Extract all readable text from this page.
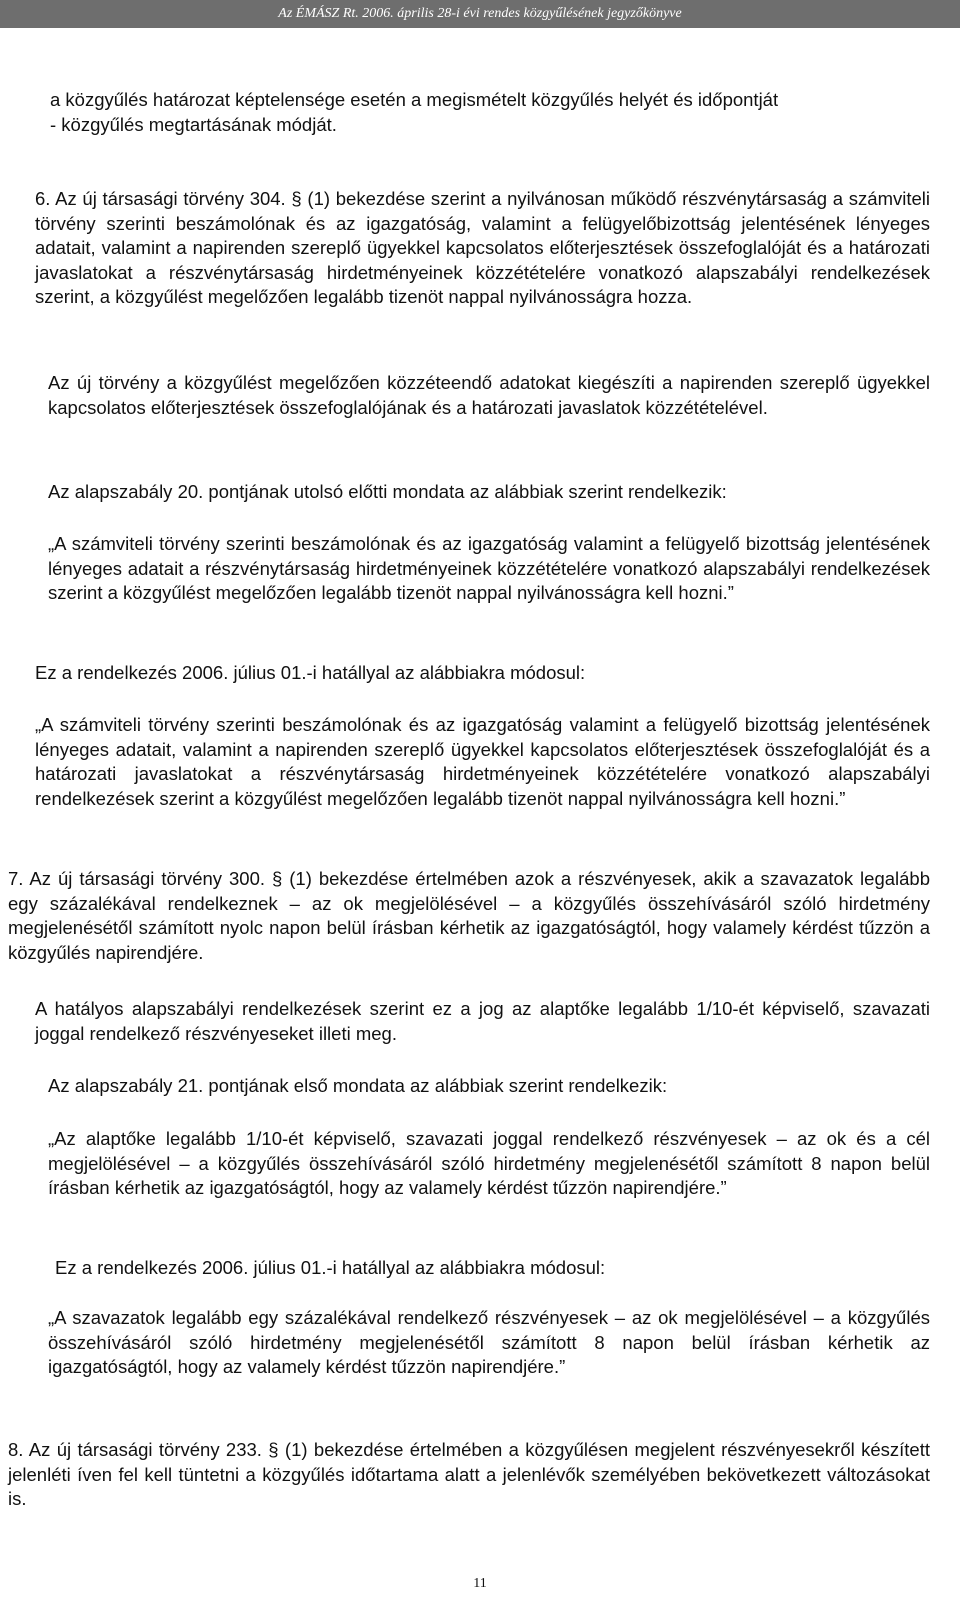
Az ÉMÁSZ Rt. 2006. április 28-i évi rendes közgyűlésének jegyzőkönyve
a közgyűlés határozat képtelensége esetén a megismételt közgyűlés helyét és időpontját
- közgyűlés megtartásának módját.

6. Az új társasági törvény 304. § (1) bekezdése szerint a nyilvánosan működő részvénytársaság a számviteli törvény szerinti beszámolónak és az igazgatóság, valamint a felügyelőbizottság jelentésének lényeges adatait, valamint a napirenden szereplő ügyekkel kapcsolatos előterjesztések összefoglalóját és a határozati javaslatokat a részvénytársaság hirdetményeinek közzétételére vonatkozó alapszabályi rendelkezések szerint, a közgyűlést megelőzően legalább tizenöt nappal nyilvánosságra hozza.

Az új törvény a közgyűlést megelőzően közzéteendő adatokat kiegészíti a napirenden szereplő ügyekkel kapcsolatos előterjesztések összefoglalójának és a határozati javaslatok közzétételével.

Az alapszabály 20. pontjának utolsó előtti mondata az alábbiak szerint rendelkezik:

„A számviteli törvény szerinti beszámolónak és az igazgatóság valamint a felügyelő bizottság jelentésének lényeges adatait a részvénytársaság hirdetményeinek közzétételére vonatkozó alapszabályi rendelkezések szerint a közgyűlést megelőzően legalább tizenöt nappal nyilvánosságra kell hozni.”

Ez a rendelkezés 2006. július 01.-i hatállyal az alábbiakra módosul:

„A számviteli törvény szerinti beszámolónak és az igazgatóság valamint a felügyelő bizottság jelentésének lényeges adatait, valamint a napirenden szereplő ügyekkel kapcsolatos előterjesztések összefoglalóját és a határozati javaslatokat a részvénytársaság hirdetményeinek közzétételére vonatkozó alapszabályi rendelkezések szerint a közgyűlést megelőzően legalább tizenöt nappal nyilvánosságra kell hozni.”

7. Az új társasági törvény 300. § (1) bekezdése értelmében azok a részvényesek, akik a szavazatok legalább egy százalékával rendelkeznek – az ok megjelölésével – a közgyűlés összehívásáról szóló hirdetmény megjelenésétől számított nyolc napon belül írásban kérhetik az igazgatóságtól, hogy valamely kérdést tűzzön a közgyűlés napirendjére.

A hatályos alapszabályi rendelkezések szerint ez a jog az alaptőke legalább 1/10-ét képviselő, szavazati joggal rendelkező részvényeseket illeti meg.

Az alapszabály 21. pontjának első mondata az alábbiak szerint rendelkezik:

„Az alaptőke legalább 1/10-ét képviselő, szavazati joggal rendelkező részvényesek – az ok és a cél megjelölésével – a közgyűlés összehívásáról szóló hirdetmény megjelenésétől számított 8 napon belül írásban kérhetik az igazgatóságtól, hogy az valamely kérdést tűzzön napirendjére.”

Ez a rendelkezés 2006. július 01.-i hatállyal az alábbiakra módosul:

„A szavazatok legalább egy százalékával rendelkező részvényesek – az ok megjelölésével – a közgyűlés összehívásáról szóló hirdetmény megjelenésétől számított 8 napon belül írásban kérhetik az igazgatóságtól, hogy az valamely kérdést tűzzön napirendjére.”

8. Az új társasági törvény 233. § (1) bekezdése értelmében a közgyűlésen megjelent részvényesekről készített jelenléti íven fel kell tüntetni a közgyűlés időtartama alatt a jelenlévők személyében bekövetkezett változásokat is.

11
